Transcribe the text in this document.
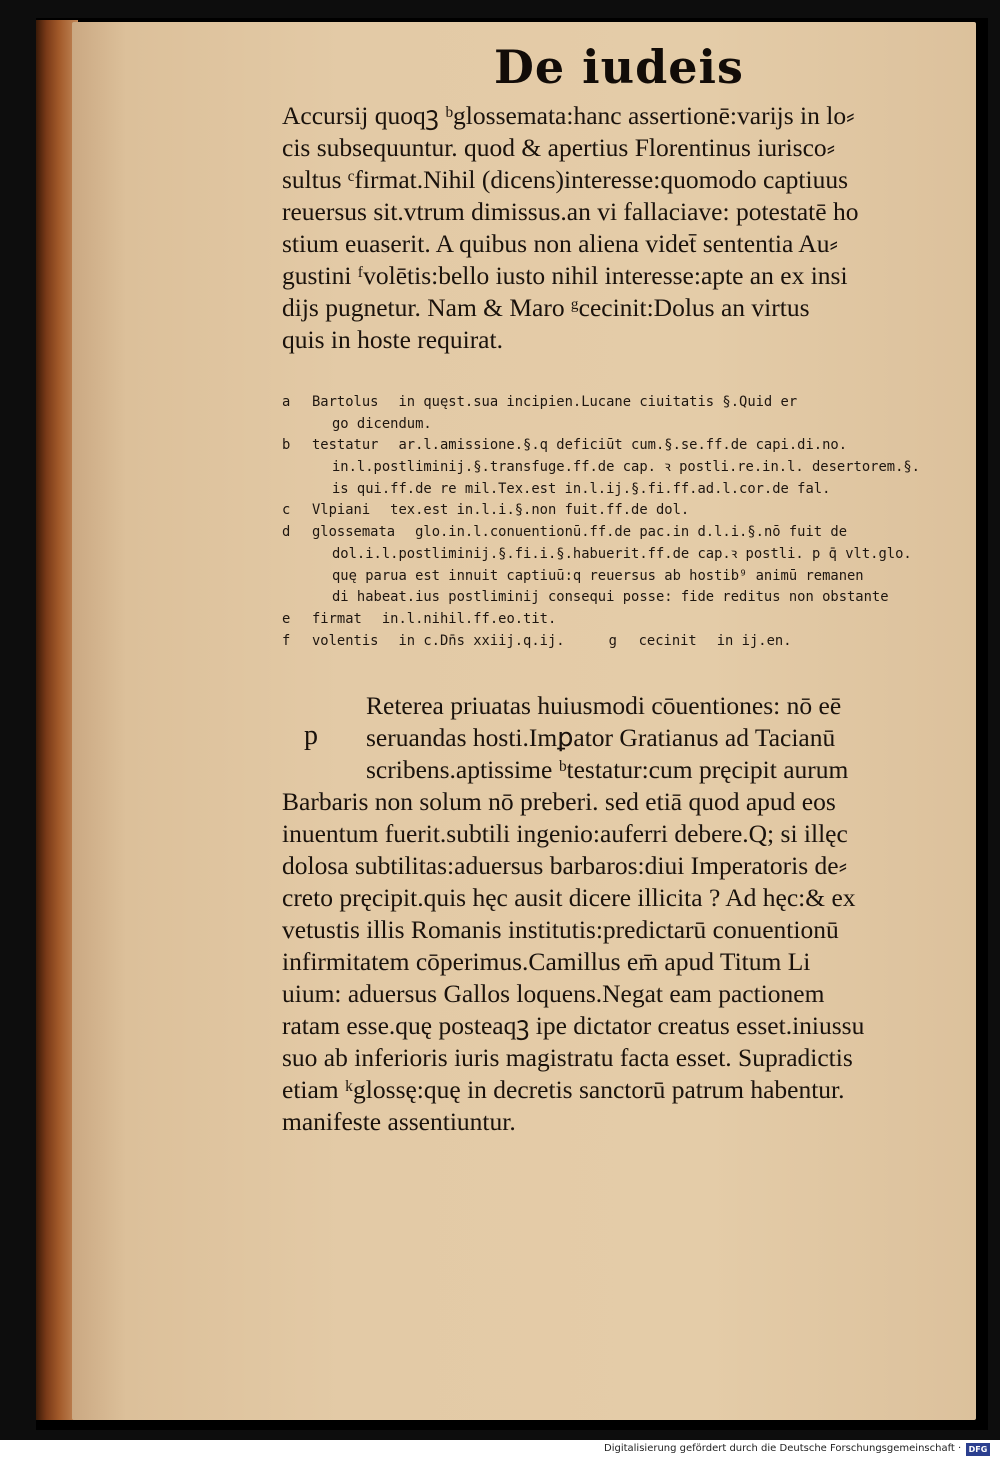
De iudeis
Accursij quoqꝫ ᵇglossemata:hanc assertionē:varijs in lo⸗
cis subsequuntur. quod & apertius Florentinus iurisco⸗
sultus ᶜfirmat.Nihil (dicens)interesse:quomodo captiuus
reuersus sit.vtrum dimissus.an vi fallaciave: potestatē ho
stium euaserit. A quibus non aliena videt̄ sententia Au⸗
gustini ᶠvolētis:bello iusto nihil interesse:apte an ex insi
dijs pugnetur. Nam & Maro ᵍcecinit:Dolus an virtus
quis in hoste requirat.
a Bartolus in quęst.sua incipien.Lucane ciuitatis §.Quid er
go dicendum.
b testatur ar.l.amissione.§.q deficiūt cum.§.se.ff.de capi.di.no.
in.l.postliminij.§.transfuge.ff.de cap. ꝛ postli.re.in.l. desertorem.§.
is qui.ff.de re mil.Tex.est in.l.ij.§.fi.ff.ad.l.cor.de fal.
c Vlpiani tex.est in.l.i.§.non fuit.ff.de dol.
d glossemata glo.in.l.conuentionū.ff.de pac.in d.l.i.§.nō fuit de
dol.i.l.postliminij.§.fi.i.§.habuerit.ff.de cap.ꝛ postli. p q̄ vlt.glo.
quę parua est innuit captiuū:q reuersus ab hostib⁹ animū remanen
di habeat.ius postliminij consequi posse: fide reditus non obstante
e firmat in.l.nihil.ff.eo.tit.
f volentis in c.Dn̄s xxiij.q.ij.	g cecinit in ij.en.
p
Reterea priuatas huiusmodi cōuentiones: nō eē
seruandas hosti.Imꝑator Gratianus ad Tacianū
scribens.aptissime ᵇtestatur:cum pręcipit aurum
Barbaris non solum nō preberi. sed etiā quod apud eos
inuentum fuerit.subtili ingenio:auferri debere.Q; si illęc
dolosa subtilitas:aduersus barbaros:diui Imperatoris de⸗
creto pręcipit.quis hęc ausit dicere illicita ? Ad hęc:& ex
vetustis illis Romanis institutis:predictarū conuentionū
infirmitatem cōperimus.Camillus em̄ apud Titum Li
uium: aduersus Gallos loquens.Negat eam pactionem
ratam esse.quę posteaqꝫ ipe dictator creatus esset.iniussu
suo ab inferioris iuris magistratu facta esset. Supradictis
etiam ᵏglossę:quę in decretis sanctorū patrum habentur.
manifeste assentiuntur.
Digitalisierung gefördert durch die Deutsche Forschungsgemeinschaft · DFG
